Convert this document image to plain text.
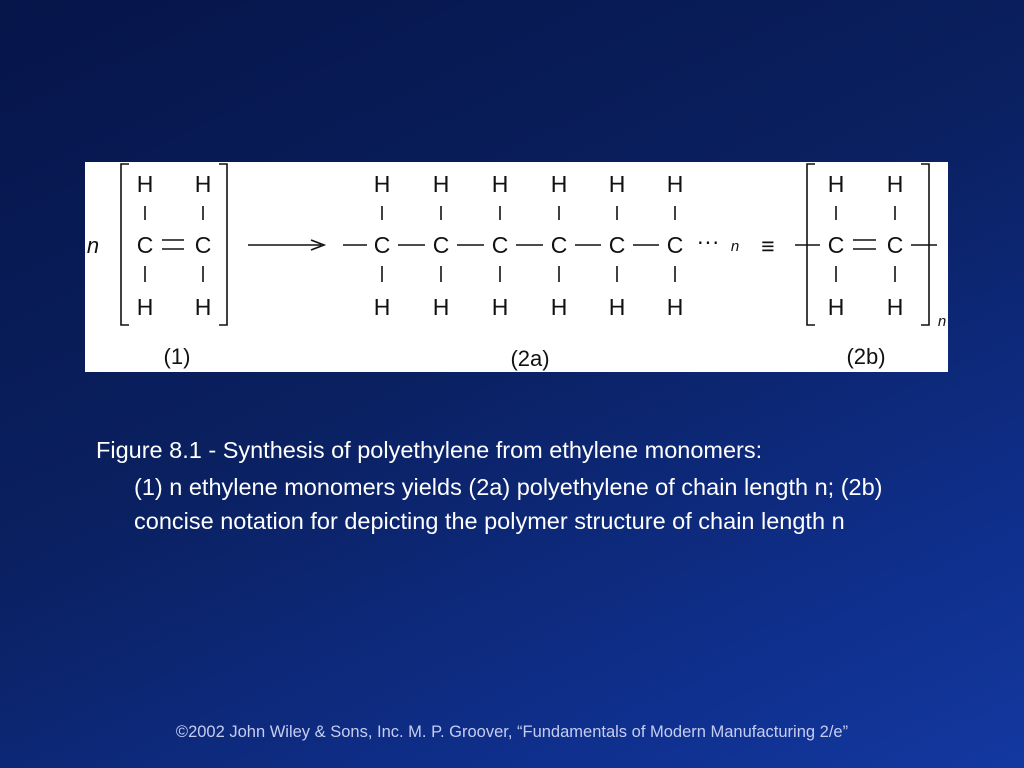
n
H
C
H
H
C
H
(1)
H
C
H
H
C
H
H
C
H
H
C
H
H
C
H
H
C
H
··· n
(2a)
≡
H
C
H
H
C
H
n
(2b)
Figure 8.1 - Synthesis of polyethylene from ethylene monomers:
(1) n ethylene monomers yields (2a) polyethylene of chain length n; (2b) concise notation for depicting the polymer structure of chain length n
©2002 John Wiley & Sons, Inc. M. P. Groover, “Fundamentals of Modern Manufacturing 2/e”
